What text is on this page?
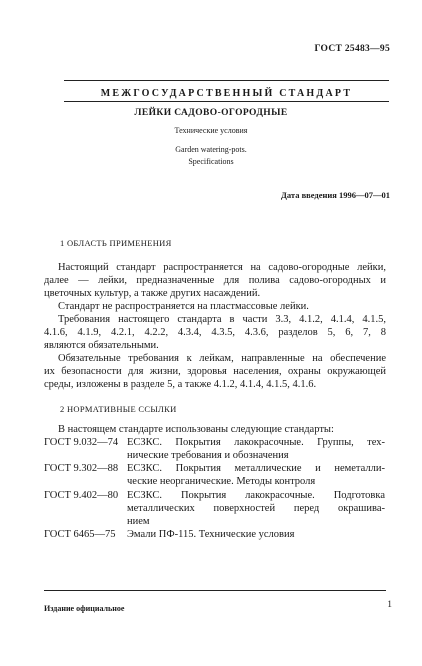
ГОСТ 25483—95
МЕЖГОСУДАРСТВЕННЫЙ СТАНДАРТ
ЛЕЙКИ САДОВО-ОГОРОДНЫЕ
Технические условия
Garden watering-pots.
Specifications
Дата введения 1996—07—01
1 ОБЛАСТЬ ПРИМЕНЕНИЯ
Настоящий стандарт распространяется на садово-огородные лейки,
далее — лейки, предназначенные для полива садово-огородных и
цветочных культур, а также других насаждений.
Стандарт не распространяется на пластмассовые лейки.
Требования настоящего стандарта в части 3.3, 4.1.2, 4.1.4, 4.1.5,
4.1.6, 4.1.9, 4.2.1, 4.2.2, 4.3.4, 4.3.5, 4.3.6, разделов 5, 6, 7, 8
являются обязательными.
Обязательные требования к лейкам, направленные на обеспечение
их безопасности для жизни, здоровья населения, охраны окружающей
среды, изложены в разделе 5, а также 4.1.2, 4.1.4, 4.1.5, 4.1.6.
2 НОРМАТИВНЫЕ ССЫЛКИ
В настоящем стандарте использованы следующие стандарты:
ГОСТ 9.032—74 ЕСЗКС. Покрытия лакокрасочные. Группы, тех-
нические требования и обозначения
ГОСТ 9.302—88 ЕСЗКС. Покрытия металлические и неметалли-
ческие неорганические. Методы контроля
ГОСТ 9.402—80 ЕСЗКС. Покрытия лакокрасочные. Подготовка
металлических поверхностей перед окрашива-
нием
ГОСТ 6465—75 Эмали ПФ-115. Технические условия
Издание официальное	1
